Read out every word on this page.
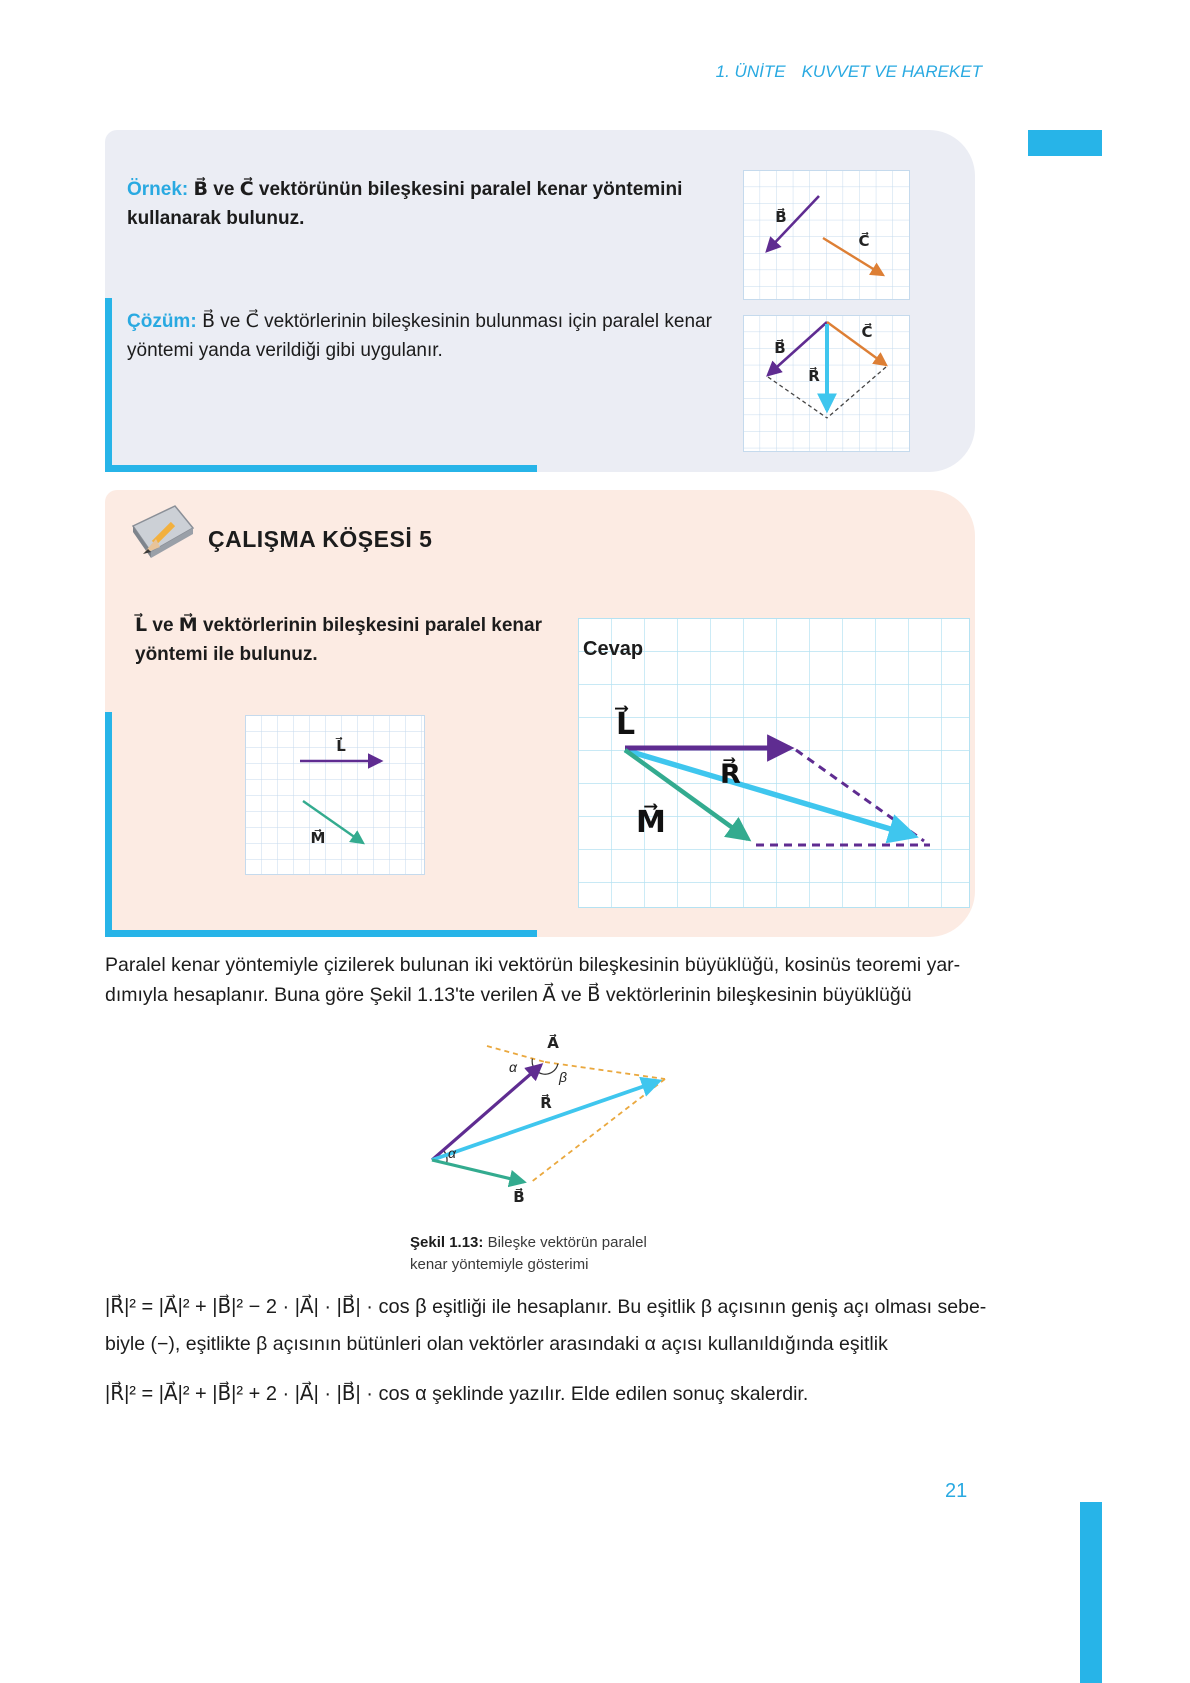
1. ÜNİTE KUVVET VE HAREKET

Örnek: B⃗ ve C⃗ vektörünün bileşkesini paralel kenar yöntemini kullanarak bulunuz.

Çözüm: B⃗ ve C⃗ vektörlerinin bileşkesinin bulunması için paralel kenar yöntemi yanda verildiği gibi uygulanır.

B⃗
C⃗
B⃗
C⃗
R⃗
ÇALIŞMA KÖŞESİ 5

L⃗ ve M⃗ vektörlerinin bileşkesini paralel kenar yöntemi ile bulunuz.

L⃗
M⃗
Cevap
L⃗
M⃗
R⃗

Paralel kenar yöntemiyle çizilerek bulunan iki vektörün bileşkesinin büyüklüğü, kosinüs teoremi yar-
dımıyla hesaplanır. Buna göre Şekil 1.13'te verilen A⃗ ve B⃗ vektörlerinin bileşkesinin büyüklüğü

A⃗
α
β
R⃗
α
B⃗

Şekil 1.13: Bileşke vektörün paralel
kenar yöntemiyle gösterimi

|R⃗|² = |A⃗|² + |B⃗|² − 2 · |A⃗| · |B⃗| · cos β eşitliği ile hesaplanır. Bu eşitlik β açısının geniş açı olması sebe-
biyle (−), eşitlikte β açısının bütünleri olan vektörler arasındaki α açısı kullanıldığında eşitlik

|R⃗|² = |A⃗|² + |B⃗|² + 2 · |A⃗| · |B⃗| · cos α şeklinde yazılır. Elde edilen sonuç skalerdir.

21
